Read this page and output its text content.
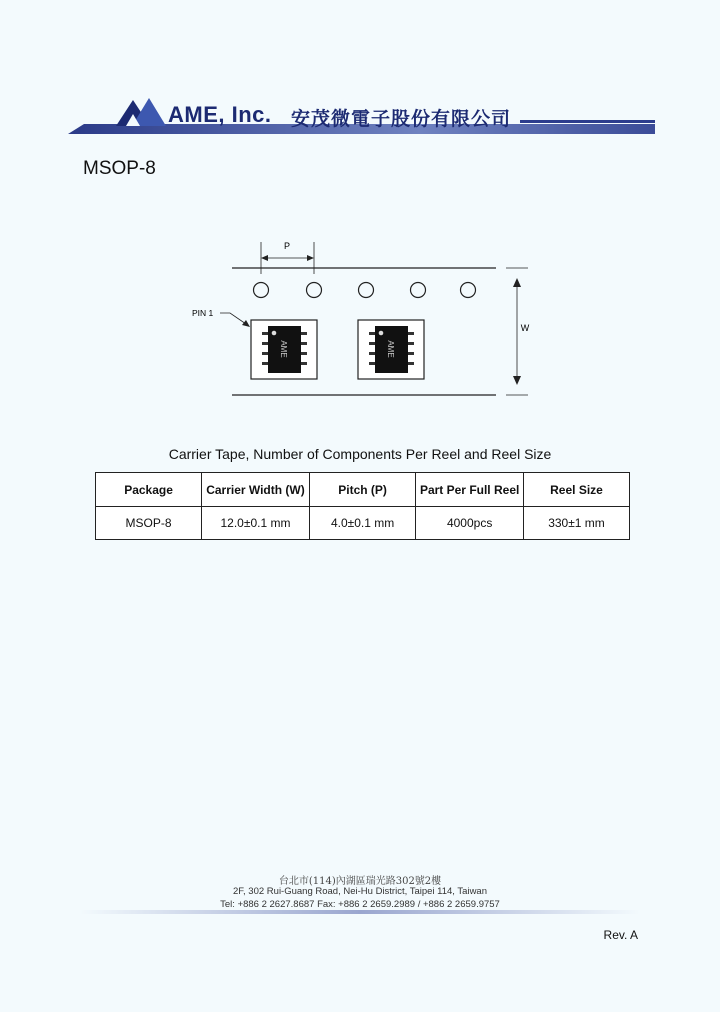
AME, Inc. 安茂微電子股份有限公司
MSOP-8
P
W
PIN 1
AME	AME
Carrier Tape, Number of Components Per Reel and Reel Size
Package	Carrier Width (W)	Pitch (P)	Part Per Full Reel	Reel Size
MSOP-8	12.0±0.1 mm	4.0±0.1 mm	4000pcs	330±1 mm
台北市(114)內湖區瑞光路302號2樓
2F, 302 Rui-Guang Road, Nei-Hu District, Taipei 114, Taiwan
Tel: +886 2 2627.8687 Fax: +886 2 2659.2989 / +886 2 2659.9757
Rev. A
